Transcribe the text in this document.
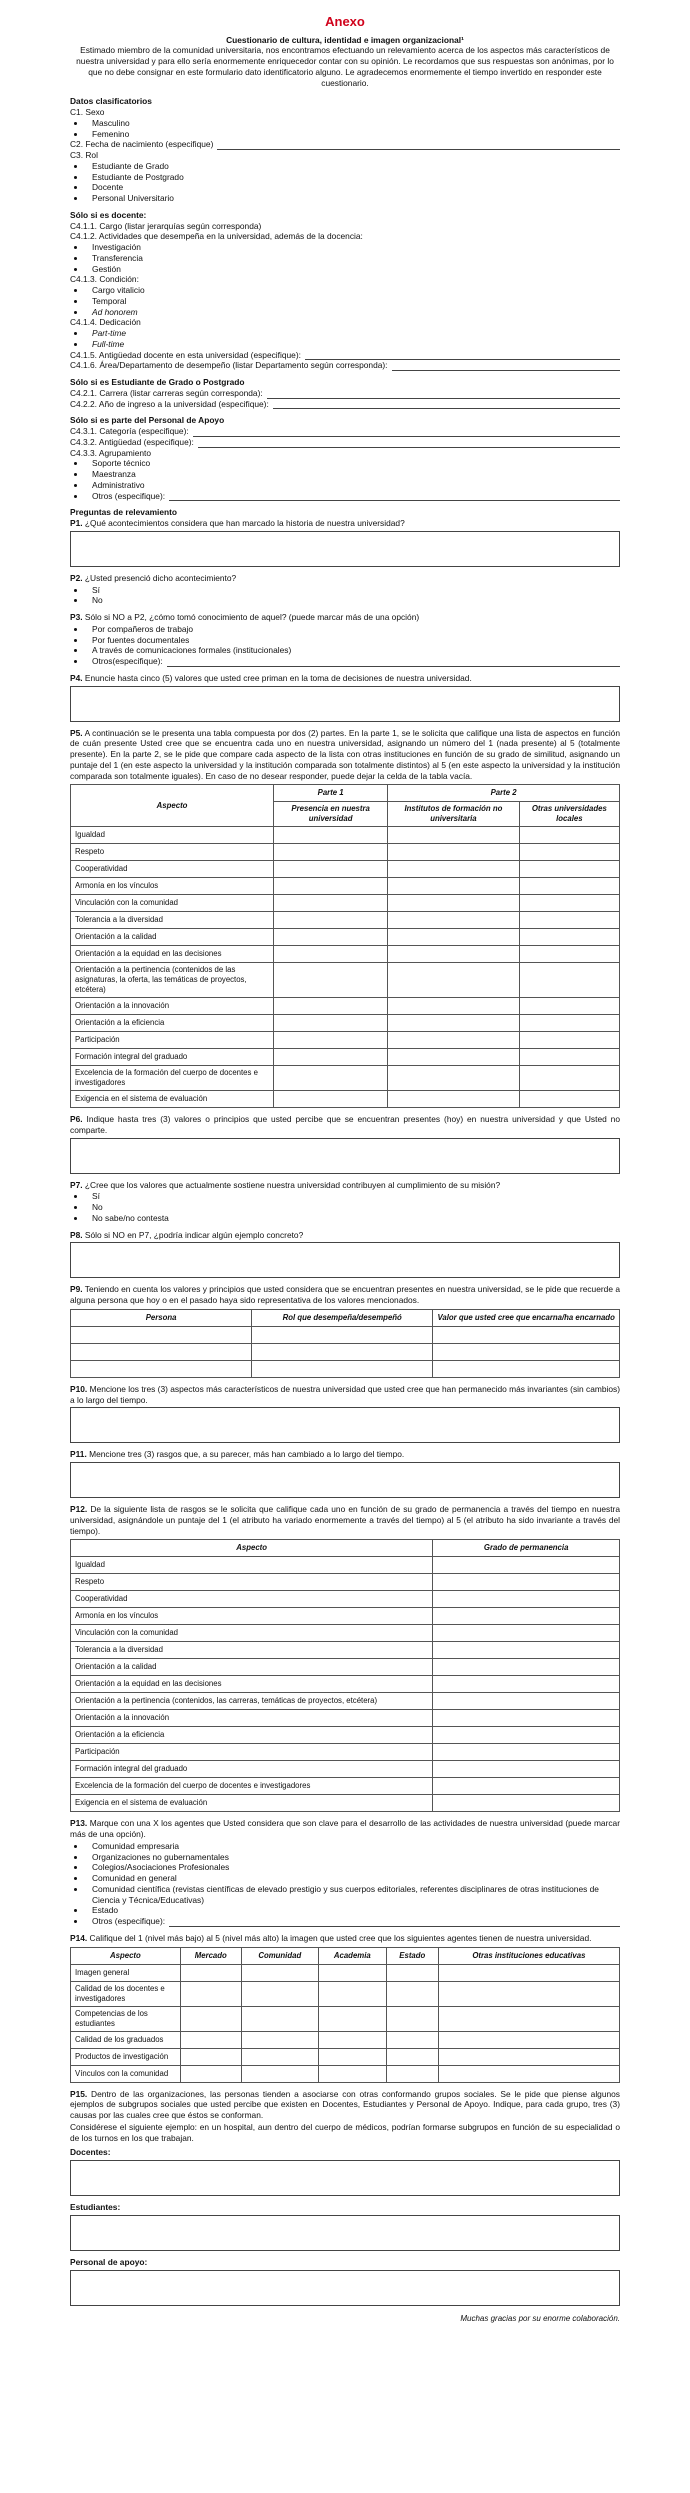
Anexo

Cuestionario de cultura, identidad e imagen organizacional¹

Estimado miembro de la comunidad universitaria, nos encontramos efectuando un relevamiento acerca de los aspectos más característicos de nuestra universidad y para ello sería enormemente enriquecedor contar con su opinión. Le recordamos que sus respuestas son anónimas, por lo que no debe consignar en este formulario dato identificatorio alguno. Le agradecemos enormemente el tiempo invertido en responder este cuestionario.

Datos clasificatorios

C1. Sexo

• Masculino
• Femenino
C2. Fecha de nacimiento (especifique)

C3. Rol

• Estudiante de Grado
• Estudiante de Postgrado
• Docente
• Personal Universitario

Sólo si es docente:

C4.1.1. Cargo (listar jerarquías según corresponda)

C4.1.2. Actividades que desempeña en la universidad, además de la docencia:

• Investigación
• Transferencia
• Gestión

C4.1.3. Condición:

• Cargo vitalicio
• Temporal
• Ad honorem

C4.1.4. Dedicación

• Part-time
• Full-time
C4.1.5. Antigüedad docente en esta universidad (especifique):
C4.1.6. Área/Departamento de desempeño (listar Departamento según corresponda):

Sólo si es Estudiante de Grado o Postgrado

C4.2.1. Carrera (listar carreras según corresponda):
C4.2.2. Año de ingreso a la universidad (especifique):

Sólo si es parte del Personal de Apoyo

C4.3.1. Categoría (especifique):
C4.3.2. Antigüedad (especifique):

C4.3.3. Agrupamiento

• Soporte técnico
• Maestranza
• Administrativo
• Otros (especifique):

Preguntas de relevamiento

P1. ¿Qué acontecimientos considera que han marcado la historia de nuestra universidad?

P2. ¿Usted presenció dicho acontecimiento?

• Sí
• No

P3. Sólo si NO a P2, ¿cómo tomó conocimiento de aquel? (puede marcar más de una opción)

• Por compañeros de trabajo
• Por fuentes documentales
• A través de comunicaciones formales (institucionales)
• Otros(especifique):

P4. Enuncie hasta cinco (5) valores que usted cree priman en la toma de decisiones de nuestra universidad.

P5. A continuación se le presenta una tabla compuesta por dos (2) partes. En la parte 1, se le solicita que califique una lista de aspectos en función de cuán presente Usted cree que se encuentra cada uno en nuestra universidad, asignando un número del 1 (nada presente) al 5 (totalmente presente). En la parte 2, se le pide que compare cada aspecto de la lista con otras instituciones en función de su grado de similitud, asignando un puntaje del 1 (en este aspecto la universidad y la institución comparada son totalmente distintos) al 5 (en este aspecto la universidad y la institución comparada son totalmente iguales). En caso de no desear responder, puede dejar la celda de la tabla vacía.

Aspecto	Parte 1	Parte 2	
	Presencia en nuestra universidad	Institutos de formación no universitaria	Otras universidades locales
Igualdad			
Respeto			
Cooperatividad			
Armonía en los vínculos			
Vinculación con la comunidad			
Tolerancia a la diversidad			
Orientación a la calidad			
Orientación a la equidad en las decisiones			
Orientación a la pertinencia (contenidos de las asignaturas, la oferta, las temáticas de proyectos, etcétera)			
Orientación a la innovación			
Orientación a la eficiencia			
Participación			
Formación integral del graduado			
Excelencia de la formación del cuerpo de docentes e investigadores			
Exigencia en el sistema de evaluación			

P6. Indique hasta tres (3) valores o principios que usted percibe que se encuentran presentes (hoy) en nuestra universidad y que Usted no comparte.

P7. ¿Cree que los valores que actualmente sostiene nuestra universidad contribuyen al cumplimiento de su misión?

• Sí
• No
• No sabe/no contesta

P8. Sólo si NO en P7, ¿podría indicar algún ejemplo concreto?

P9. Teniendo en cuenta los valores y principios que usted considera que se encuentran presentes en nuestra universidad, se le pide que recuerde a alguna persona que hoy o en el pasado haya sido representativa de los valores mencionados.

Persona	Rol que desempeña/desempeñó	Valor que usted cree que encarna/ha encarnado

P10. Mencione los tres (3) aspectos más característicos de nuestra universidad que usted cree que han permanecido más invariantes (sin cambios) a lo largo del tiempo.

P11. Mencione tres (3) rasgos que, a su parecer, más han cambiado a lo largo del tiempo.

P12. De la siguiente lista de rasgos se le solicita que califique cada uno en función de su grado de permanencia a través del tiempo en nuestra universidad, asignándole un puntaje del 1 (el atributo ha variado enormemente a través del tiempo) al 5 (el atributo ha sido invariante a través del tiempo).

Aspecto	Grado de permanencia
Igualdad	
Respeto	
Cooperatividad	
Armonía en los vínculos	
Vinculación con la comunidad	
Tolerancia a la diversidad	
Orientación a la calidad	
Orientación a la equidad en las decisiones	
Orientación a la pertinencia (contenidos, las carreras, temáticas de proyectos, etcétera)	
Orientación a la innovación	
Orientación a la eficiencia	
Participación	
Formación integral del graduado	
Excelencia de la formación del cuerpo de docentes e investigadores	
Exigencia en el sistema de evaluación	

P13. Marque con una X los agentes que Usted considera que son clave para el desarrollo de las actividades de nuestra universidad (puede marcar más de una opción).

• Comunidad empresaria
• Organizaciones no gubernamentales
• Colegios/Asociaciones Profesionales
• Comunidad en general
• Comunidad científica (revistas científicas de elevado prestigio y sus cuerpos editoriales, referentes disciplinares de otras instituciones de Ciencia y Técnica/Educativas)
• Estado
• Otros (especifique):

P14. Califique del 1 (nivel más bajo) al 5 (nivel más alto) la imagen que usted cree que los siguientes agentes tienen de nuestra universidad.

Aspecto	Mercado	Comunidad	Academia	Estado	Otras instituciones educativas
Imagen general					
Calidad de los docentes e investigadores					
Competencias de los estudiantes					
Calidad de los graduados					
Productos de investigación					
Vínculos con la comunidad					

P15. Dentro de las organizaciones, las personas tienden a asociarse con otras conformando grupos sociales. Se le pide que piense algunos ejemplos de subgrupos sociales que usted percibe que existen en Docentes, Estudiantes y Personal de Apoyo. Indique, para cada grupo, tres (3) causas por las cuales cree que éstos se conforman.

Considérese el siguiente ejemplo: en un hospital, aun dentro del cuerpo de médicos, podrían formarse subgrupos en función de su especialidad o de los turnos en los que trabajan.

Docentes:

Estudiantes:

Personal de apoyo:

Muchas gracias por su enorme colaboración.
